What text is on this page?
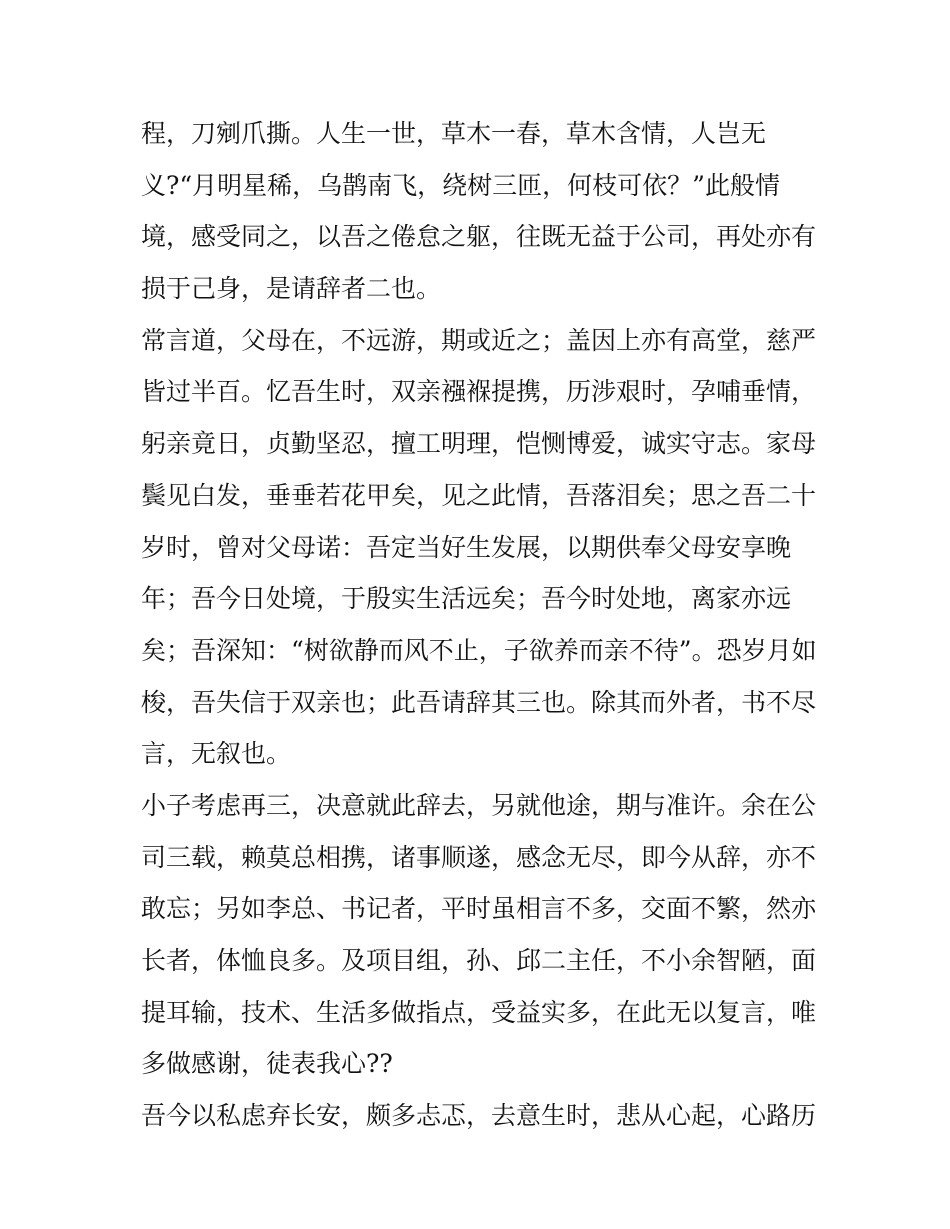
程，刀剜爪撕。人生一世，草木一春，草木含情，人岂无
义?“月明星稀，乌鹊南飞，绕树三匝，何枝可依？”此般情
境，感受同之，以吾之倦怠之躯，往既无益于公司，再处亦有
损于己身，是请辞者二也。
常言道，父母在，不远游，期或近之；盖因上亦有高堂，慈严
皆过半百。忆吾生时，双亲襁褓提携，历涉艰时，孕哺垂情，
躬亲竟日，贞勤坚忍，擅工明理，恺恻博爱，诚实守志。家母
鬓见白发，垂垂若花甲矣，见之此情，吾落泪矣；思之吾二十
岁时，曾对父母诺：吾定当好生发展，以期供奉父母安享晚
年；吾今日处境，于殷实生活远矣；吾今时处地，离家亦远
矣；吾深知：“树欲静而风不止，子欲养而亲不待”。恐岁月如
梭，吾失信于双亲也；此吾请辞其三也。除其而外者，书不尽
言，无叙也。
小子考虑再三，决意就此辞去，另就他途，期与准许。余在公
司三载，赖莫总相携，诸事顺遂，感念无尽，即今从辞，亦不
敢忘；另如李总、书记者，平时虽相言不多，交面不繁，然亦
长者，体恤良多。及项目组，孙、邱二主任，不小余智陋，面
提耳输，技术、生活多做指点，受益实多，在此无以复言，唯
多做感谢，徒表我心??
吾今以私虑弃长安，颇多忐忑，去意生时，悲从心起，心路历
